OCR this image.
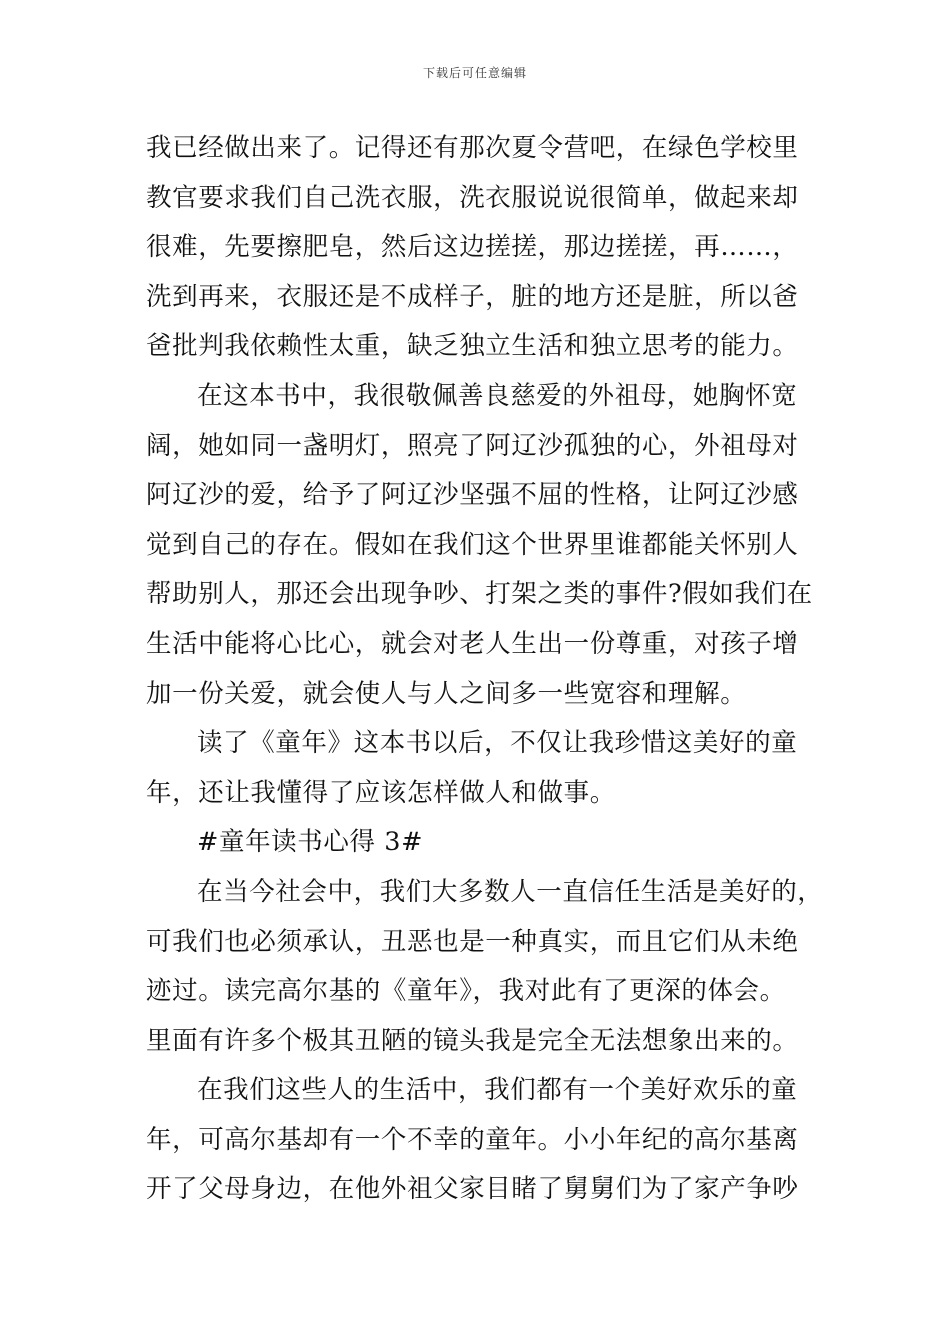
下载后可任意编辑
我已经做出来了。记得还有那次夏令营吧，在绿色学校里
教官要求我们自己洗衣服，洗衣服说说很简单，做起来却
很难，先要擦肥皂，然后这边搓搓，那边搓搓，再……，
洗到再来，衣服还是不成样子，脏的地方还是脏，所以爸
爸批判我依赖性太重，缺乏独立生活和独立思考的能力。
在这本书中，我很敬佩善良慈爱的外祖母，她胸怀宽
阔，她如同一盏明灯，照亮了阿辽沙孤独的心，外祖母对
阿辽沙的爱，给予了阿辽沙坚强不屈的性格，让阿辽沙感
觉到自己的存在。假如在我们这个世界里谁都能关怀别人
帮助别人，那还会出现争吵、打架之类的事件?假如我们在
生活中能将心比心，就会对老人生出一份尊重，对孩子增
加一份关爱，就会使人与人之间多一些宽容和理解。
读了《童年》这本书以后，不仅让我珍惜这美好的童
年，还让我懂得了应该怎样做人和做事。
#童年读书心得 3#
在当今社会中，我们大多数人一直信任生活是美好的，
可我们也必须承认，丑恶也是一种真实，而且它们从未绝
迹过。读完高尔基的《童年》，我对此有了更深的体会。
里面有许多个极其丑陋的镜头我是完全无法想象出来的。
在我们这些人的生活中，我们都有一个美好欢乐的童
年，可高尔基却有一个不幸的童年。小小年纪的高尔基离
开了父母身边，在他外祖父家目睹了舅舅们为了家产争吵
